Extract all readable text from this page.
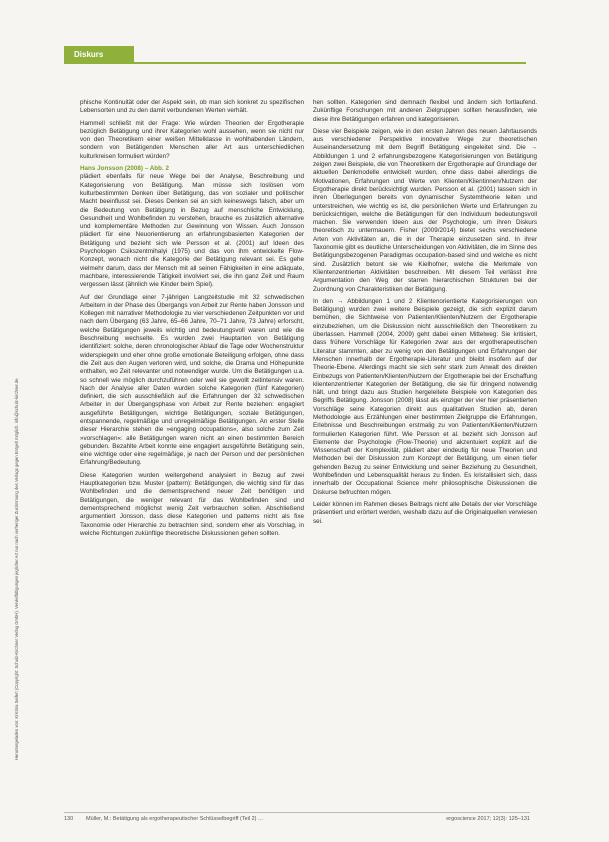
Diskurs
Heruntergeladen von: Kristina Seifert (Copyright: Schulz-Kirchner Verlag GmbH). Vervielfältigungen jeglicher Art nur nach vorheriger Zustimmung des Verlags gegen Entgelt möglich. info@schulz-kirchner.de

phische Kontinuität oder der Aspekt sein, ob man sich konkret zu spezifischen Lebensorten und zu den damit verbundenen Werten verhält.

Hammell schließt mit der Frage: Wie würden Theorien der Ergotherapie bezüglich Betätigung und ihrer Kategorien wohl aussehen, wenn sie nicht nur von den Theoretikern einer weißen Mittelklasse in wohlhabenden Ländern, sondern von Betätigenden Menschen aller Art aus unterschiedlichen kulturkreisen formuliert würden?

Hans Jonsson (2008) – Abb. 2

plädiert ebenfalls für neue Wege bei der Analyse, Beschreibung und Kategorisierung von Betätigung. Man müsse sich loslösen vom kulturbestimmten Denken über Betätigung, das von sozialer und politischer Macht beeinflusst sei. Dieses Denken sei an sich keineswegs falsch, aber um die Bedeutung von Betätigung in Bezug auf menschliche Entwicklung, Gesundheit und Wohlbefinden zu verstehen, brauche es zusätzlich alternative und komplementäre Methoden zur Gewinnung von Wissen. Auch Jonsson plädiert für eine Neuorientierung an erfahrungsbasierten Kategorien der Betätigung und bezieht sich wie Persson et al. (2001) auf Ideen des Psychologen Csikszentmihalyi (1975) und das von ihm entwickelte Flow-Konzept, wonach nicht die Kategorie der Betätigung relevant sei. Es gehe vielmehr darum, dass der Mensch mit all seinen Fähigkeiten in eine adäquate, machbare, interessierende Tätigkeit involviert sei, die ihn ganz Zeit und Raum vergessen lässt (ähnlich wie Kinder beim Spiel).

Auf der Grundlage einer 7-jährigen Langzeitstudie mit 32 schwedischen Arbeitern in der Phase des Übergangs von Arbeit zur Rente haben Jonsson und Kollegen mit narrativer Methodologie zu vier verschiedenen Zeitpunkten vor und nach dem Übergang (63 Jahre, 65–66 Jahre, 70–71 Jahre, 73 Jahre) erforscht, welche Betätigungen jeweils wichtig und bedeutungsvoll waren und wie die Beschreibung wechselte. Es wurden zwei Hauptarten von Betätigung identifiziert: solche, deren chronologischer Ablauf die Tage oder Wochenstruktur widerspiegeln und eher ohne große emotionale Beteiligung erfolgen, ohne dass die Zeit aus den Augen verloren wird, und solche, die Drama und Höhepunkte enthalten, wo Zeit relevanter und notwendiger wurde. Um die Betätigungen u.a. so schnell wie möglich durchzuführen oder weil sie gewollt zeitintensiv waren. Nach der Analyse aller Daten wurden solche Kategorien (fünf Kategorien) definiert, die sich ausschließlich auf die Erfahrungen der 32 schwedischen Arbeiter in der Übergangsphase von Arbeit zur Rente beziehen: engagiert ausgeführte Betätigungen, wichtige Betätigungen, soziale Betätigungen, entspannende, regelmäßige und unregelmäßige Betätigungen. An erster Stelle dieser Hierarchie stehen die »engaging occupations«, also solche zum Zeit »vorschlagen«: alle Betätigungen waren nicht an einen bestimmten Bereich gebunden. Bezahlte Arbeit konnte eine engagiert ausgeführte Betätigung sein, eine wichtige oder eine regelmäßige, je nach der Person und der persönlichen Erfahrung/Bedeutung.

Diese Kategorien wurden weitergehend analysiert in Bezug auf zwei Hauptkategorien bzw. Muster (pattern): Betätigungen, die wichtig sind für das Wohlbefinden und die dementsprechend neuer Zeit benötigen und Betätigungen, die weniger relevant für das Wohlbefinden sind und dementsprechend möglichst wenig Zeit verbrauchen sollen. Abschließend argumentiert Jonsson, dass diese Kategorien und patterns nicht als fixe Taxonomie oder Hierarchie zu betrachten sind, sondern eher als Vorschlag, in welche Richtungen zukünftige theoretische Diskussionen gehen sollten.

hen sollten. Kategorien sind demnach flexibel und ändern sich fortlaufend. Zukünftige Forschungen mit anderen Zielgruppen sollten herausfinden, wie diese ihre Betätigungen erfahren und kategorisieren.

Diese vier Beispiele zeigen, wie in den ersten Jahren des neuen Jahrtausends aus verschiedener Perspektive innovative Wege zur theoretischen Auseinandersetzung mit dem Begriff Betätigung eingeleitet sind. Die → Abbildungen 1 und 2 erfahrungsbezogene Kategorisierungen von Betätigung zeigen zwei Beispiele, die von Theoretikern der Ergotherapie auf Grundlage der aktuellen Denkmodelle entwickelt wurden, ohne dass dabei allerdings die Motivationen, Erfahrungen und Werte von Klienten/Klientinnen/Nutzern der Ergotherapie direkt berücksichtigt wurden. Persson et al. (2001) lassen sich in ihren Überlegungen bereits von dynamischer Systemtheorie leiten und unterstreichen, wie wichtig es ist, die persönlichen Werte und Erfahrungen zu berücksichtigen, welche die Betätigungen für den Individuum bedeutungsvoll machen. Sie verwenden Ideen aus der Psychologie, um ihren Diskurs theoretisch zu untermauern. Fisher (2009/2014) bietet sechs verschiedene Arten von Aktivitäten an, die in der Therapie einzusetzen sind. In ihrer Taxonomie gibt es deutliche Unterscheidungen von Aktivitäten, die im Sinne des Betätigungsbezogenen Paradigmas occupation-based sind und welche es nicht sind. Zusätzlich betont sie wie Kielhofner, welche die Merkmale von Klientenzentrierten Aktivitäten beschreiben. Mit diesem Teil verlässt ihre Argumentation den Weg der starren hierarchischen Strukturen bei der Zuordnung von Charakteristiken der Betätigung.

In den → Abbildungen 1 und 2 Klientenorientierte Kategorisierungen von Betätigung) wurden zwei weitere Beispiele gezeigt, die sich explizit darum bemühen, die Sichtweise von Patienten/Klienten/Nutzern der Ergotherapie einzubeziehen, um die Diskussion nicht ausschließlich den Theoretikern zu überlassen. Hammell (2004, 2009) geht dabei einen Mittelweg: Sie kritisiert, dass frühere Vorschläge für Kategorien zwar aus der ergotherapeutischen Literatur stammten, aber zu wenig von den Betätigungen und Erfahrungen der Menschen innerhalb der Ergotherapie-Literatur und bleibt insofern auf der Theorie-Ebene. Allerdings macht sie sich sehr stark zum Anwalt des direkten Einbezugs von Patienten/Klienten/Nutzern der Ergotherapie bei der Erschaffung klientenzentrierter Kategorien der Betätigung, die sie für dringend notwendig hält, und bringt dazu aus Studien hergeleitete Beispiele von Kategorien des Begriffs Betätigung. Jonsson (2008) lässt als einziger der vier hier präsentierten Vorschläge seine Kategorien direkt aus qualitativen Studien ab, deren Methodologie aus Erzählungen einer bestimmten Zielgruppe die Erfahrungen, Erlebnisse und Beschreibungen erstmalig zu von Patienten/Klienten/Nutzern formulierten Kategorien führt. Wie Persson et al. bezieht sich Jonsson auf Elemente der Psychologie (Flow-Theorie) und akzentuiert explizit auf die Wissenschaft der Komplexität, plädiert aber eindeutig für neue Theorien und Methoden bei der Diskussion zum Konzept der Betätigung, um einen tiefer gehenden Bezug zu seiner Entwicklung und seiner Beziehung zu Gesundheit, Wohlbefinden und Lebensqualität heraus zu finden. Es kristallisiert sich, dass innerhalb der Occupational Science mehr philosophische Diskussionen die Diskurse befruchten mögen.

Leider können im Rahmen dieses Beitrags nicht alle Details der vier Vorschläge präsentiert und erörtert werden, weshalb dazu auf die Originalquellen verwiesen sei.

130 Müller, M.: Betätigung als ergotherapeutischer Schlüsselbegriff (Teil 2) …	ergoscience 2017; 12(3): 125–131
